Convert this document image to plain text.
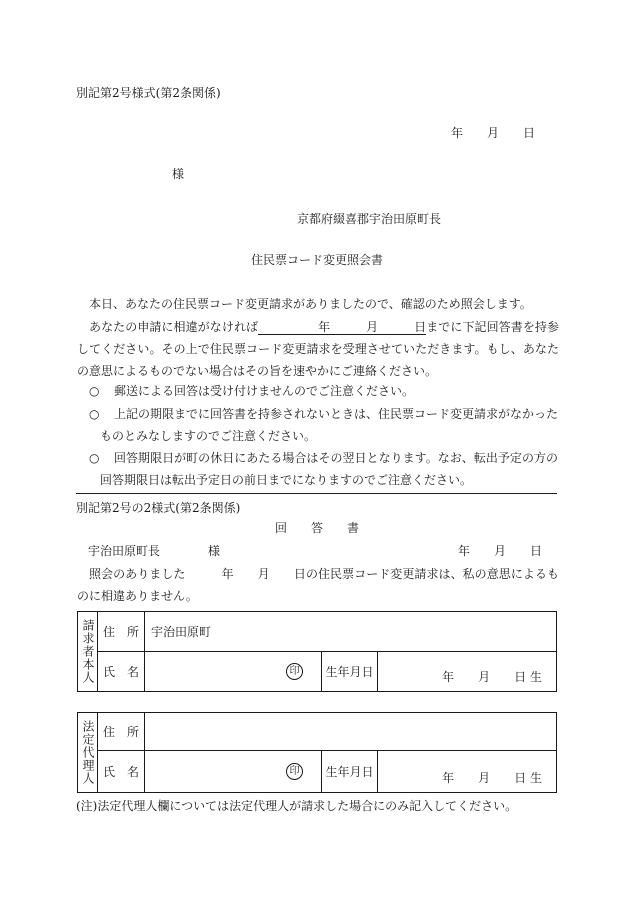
別記第2号様式(第2条関係)
年　　月　　日
様
京都府綴喜郡宇治田原町長
住民票コード変更照会書
本日、あなたの住民票コード変更請求がありましたので、確認のため照会します。
あなたの申請に相違がなければ　　　　年　　　月　　　日までに下記回答書を持参してください。その上で住民票コード変更請求を受理させていただきます。もし、あなたの意思によるものでない場合はその旨を速やかにご連絡ください。
○ 郵送による回答は受け付けませんのでご注意ください。
○	上記の期限までに回答書を持参されないときは、住民票コード変更請求がなかったものとみなしますのでご注意ください。
○	回答期限日が町の休日にあたる場合はその翌日となります。なお、転出予定の方の回答期限日は転出予定日の前日までになりますのでご注意ください。
別記第2号の2様式(第2条関係)
回　　答　　書
宇治田原町長	様	年　　月　　日
照会のありました　　　年　　月　　日の住民票コード変更請求は、私の意思によるものに相違ありません。
請求者本人	住　所	宇治田原町		
	氏　名	印	生年月日	年　　月　　日 生
法定代理人	住　所			
	氏　名	印	生年月日	年　　月　　日 生
(注)法定代理人欄については法定代理人が請求した場合にのみ記入してください。
